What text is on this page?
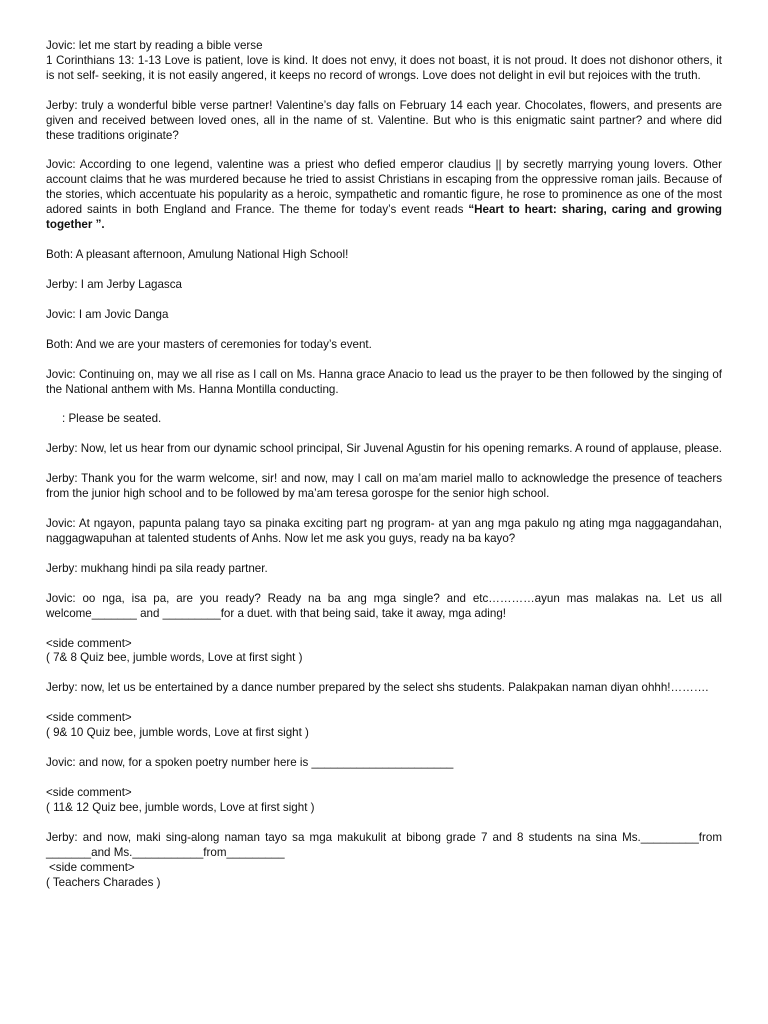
Jovic: let me start by reading a bible verse
1 Corinthians 13: 1-13 Love is patient, love is kind. It does not envy, it does not boast, it is not proud. It does not dishonor others, it is not self- seeking, it is not easily angered, it keeps no record of wrongs. Love does not delight in evil but rejoices with the truth.

Jerby: truly a wonderful bible verse partner! Valentine’s day falls on February 14 each year. Chocolates, flowers, and presents are given and received between loved ones, all in the name of st. Valentine. But who is this enigmatic saint partner? and where did these traditions originate?

Jovic: According to one legend, valentine was a priest who defied emperor claudius || by secretly marrying young lovers. Other account claims that he was murdered because he tried to assist Christians in escaping from the oppressive roman jails. Because of the stories, which accentuate his popularity as a heroic, sympathetic and romantic figure, he rose to prominence as one of the most adored saints in both England and France. The theme for today’s event reads “Heart to heart: sharing, caring and growing together ”.

Both: A pleasant afternoon, Amulung National High School!

Jerby: I am Jerby Lagasca

Jovic: I am Jovic Danga

Both: And we are your masters of ceremonies for today’s event.

Jovic: Continuing on, may we all rise as I call on Ms. Hanna grace Anacio to lead us the prayer to be then followed by the singing of the National anthem with Ms. Hanna Montilla conducting.

: Please be seated.

Jerby: Now, let us hear from our dynamic school principal, Sir Juvenal Agustin for his opening remarks. A round of applause, please.

Jerby: Thank you for the warm welcome, sir! and now, may I call on ma’am mariel mallo to acknowledge the presence of teachers from the junior high school and to be followed by ma’am teresa gorospe for the senior high school.

Jovic: At ngayon, papunta palang tayo sa pinaka exciting part ng program- at yan ang mga pakulo ng ating mga naggagandahan, naggagwapuhan at talented students of Anhs. Now let me ask you guys, ready na ba kayo?

Jerby: mukhang hindi pa sila ready partner.

Jovic: oo nga, isa pa, are you ready? Ready na ba ang mga single? and etc…………ayun mas malakas na. Let us all welcome_______ and _________for a duet. with that being said, take it away, mga ading!

<side comment>
( 7& 8 Quiz bee, jumble words, Love at first sight )

Jerby: now, let us be entertained by a dance number prepared by the select shs students. Palakpakan naman diyan ohhh!……….

<side comment>
( 9& 10 Quiz bee, jumble words, Love at first sight )

Jovic: and now, for a spoken poetry number here is ______________________

<side comment>
( 11& 12 Quiz bee, jumble words, Love at first sight )

Jerby: and now, maki sing-along naman tayo sa mga makukulit at bibong grade 7 and 8 students na sina Ms._________from _______and Ms.___________from_________

<side comment>
( Teachers Charades )
